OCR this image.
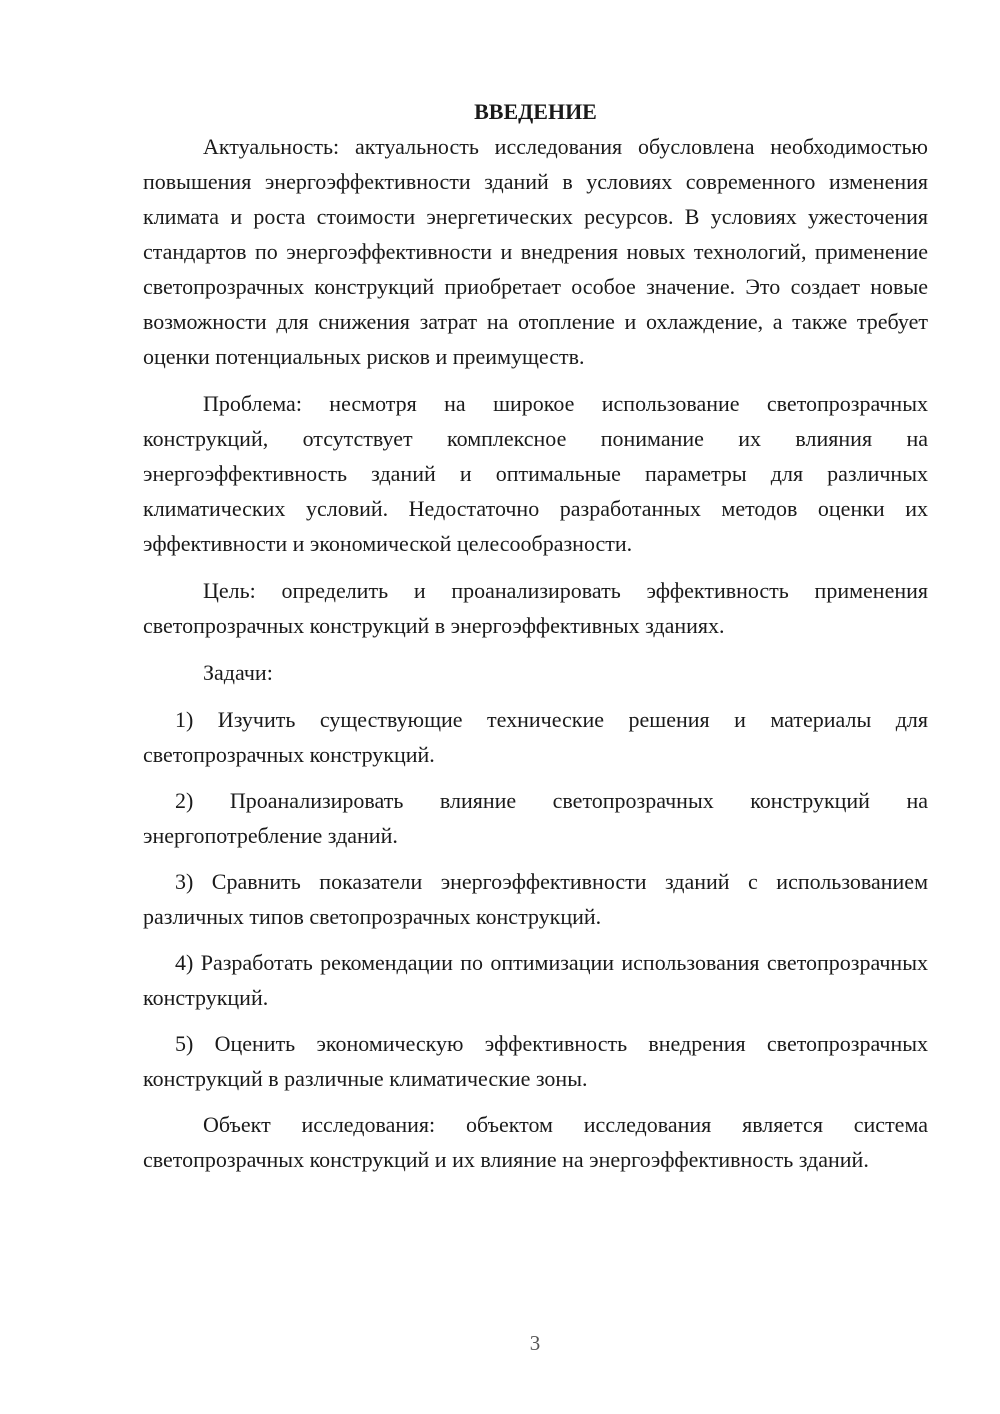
ВВЕДЕНИЕ

Актуальность: актуальность исследования обусловлена необходимостью повышения энергоэффективности зданий в условиях современного изменения климата и роста стоимости энергетических ресурсов. В условиях ужесточения стандартов по энергоэффективности и внедрения новых технологий, применение светопрозрачных конструкций приобретает особое значение. Это создает новые возможности для снижения затрат на отопление и охлаждение, а также требует оценки потенциальных рисков и преимуществ.

Проблема: несмотря на широкое использование светопрозрачных конструкций, отсутствует комплексное понимание их влияния на энергоэффективность зданий и оптимальные параметры для различных климатических условий. Недостаточно разработанных методов оценки их эффективности и экономической целесообразности.

Цель: определить и проанализировать эффективность применения светопрозрачных конструкций в энергоэффективных зданиях.

Задачи:

1) Изучить существующие технические решения и материалы для светопрозрачных конструкций.

2) Проанализировать влияние светопрозрачных конструкций на энергопотребление зданий.

3) Сравнить показатели энергоэффективности зданий с использованием различных типов светопрозрачных конструкций.

4) Разработать рекомендации по оптимизации использования светопрозрачных конструкций.

5) Оценить экономическую эффективность внедрения светопрозрачных конструкций в различные климатические зоны.

Объект исследования: объектом исследования является система светопрозрачных конструкций и их влияние на энергоэффективность зданий.

3
